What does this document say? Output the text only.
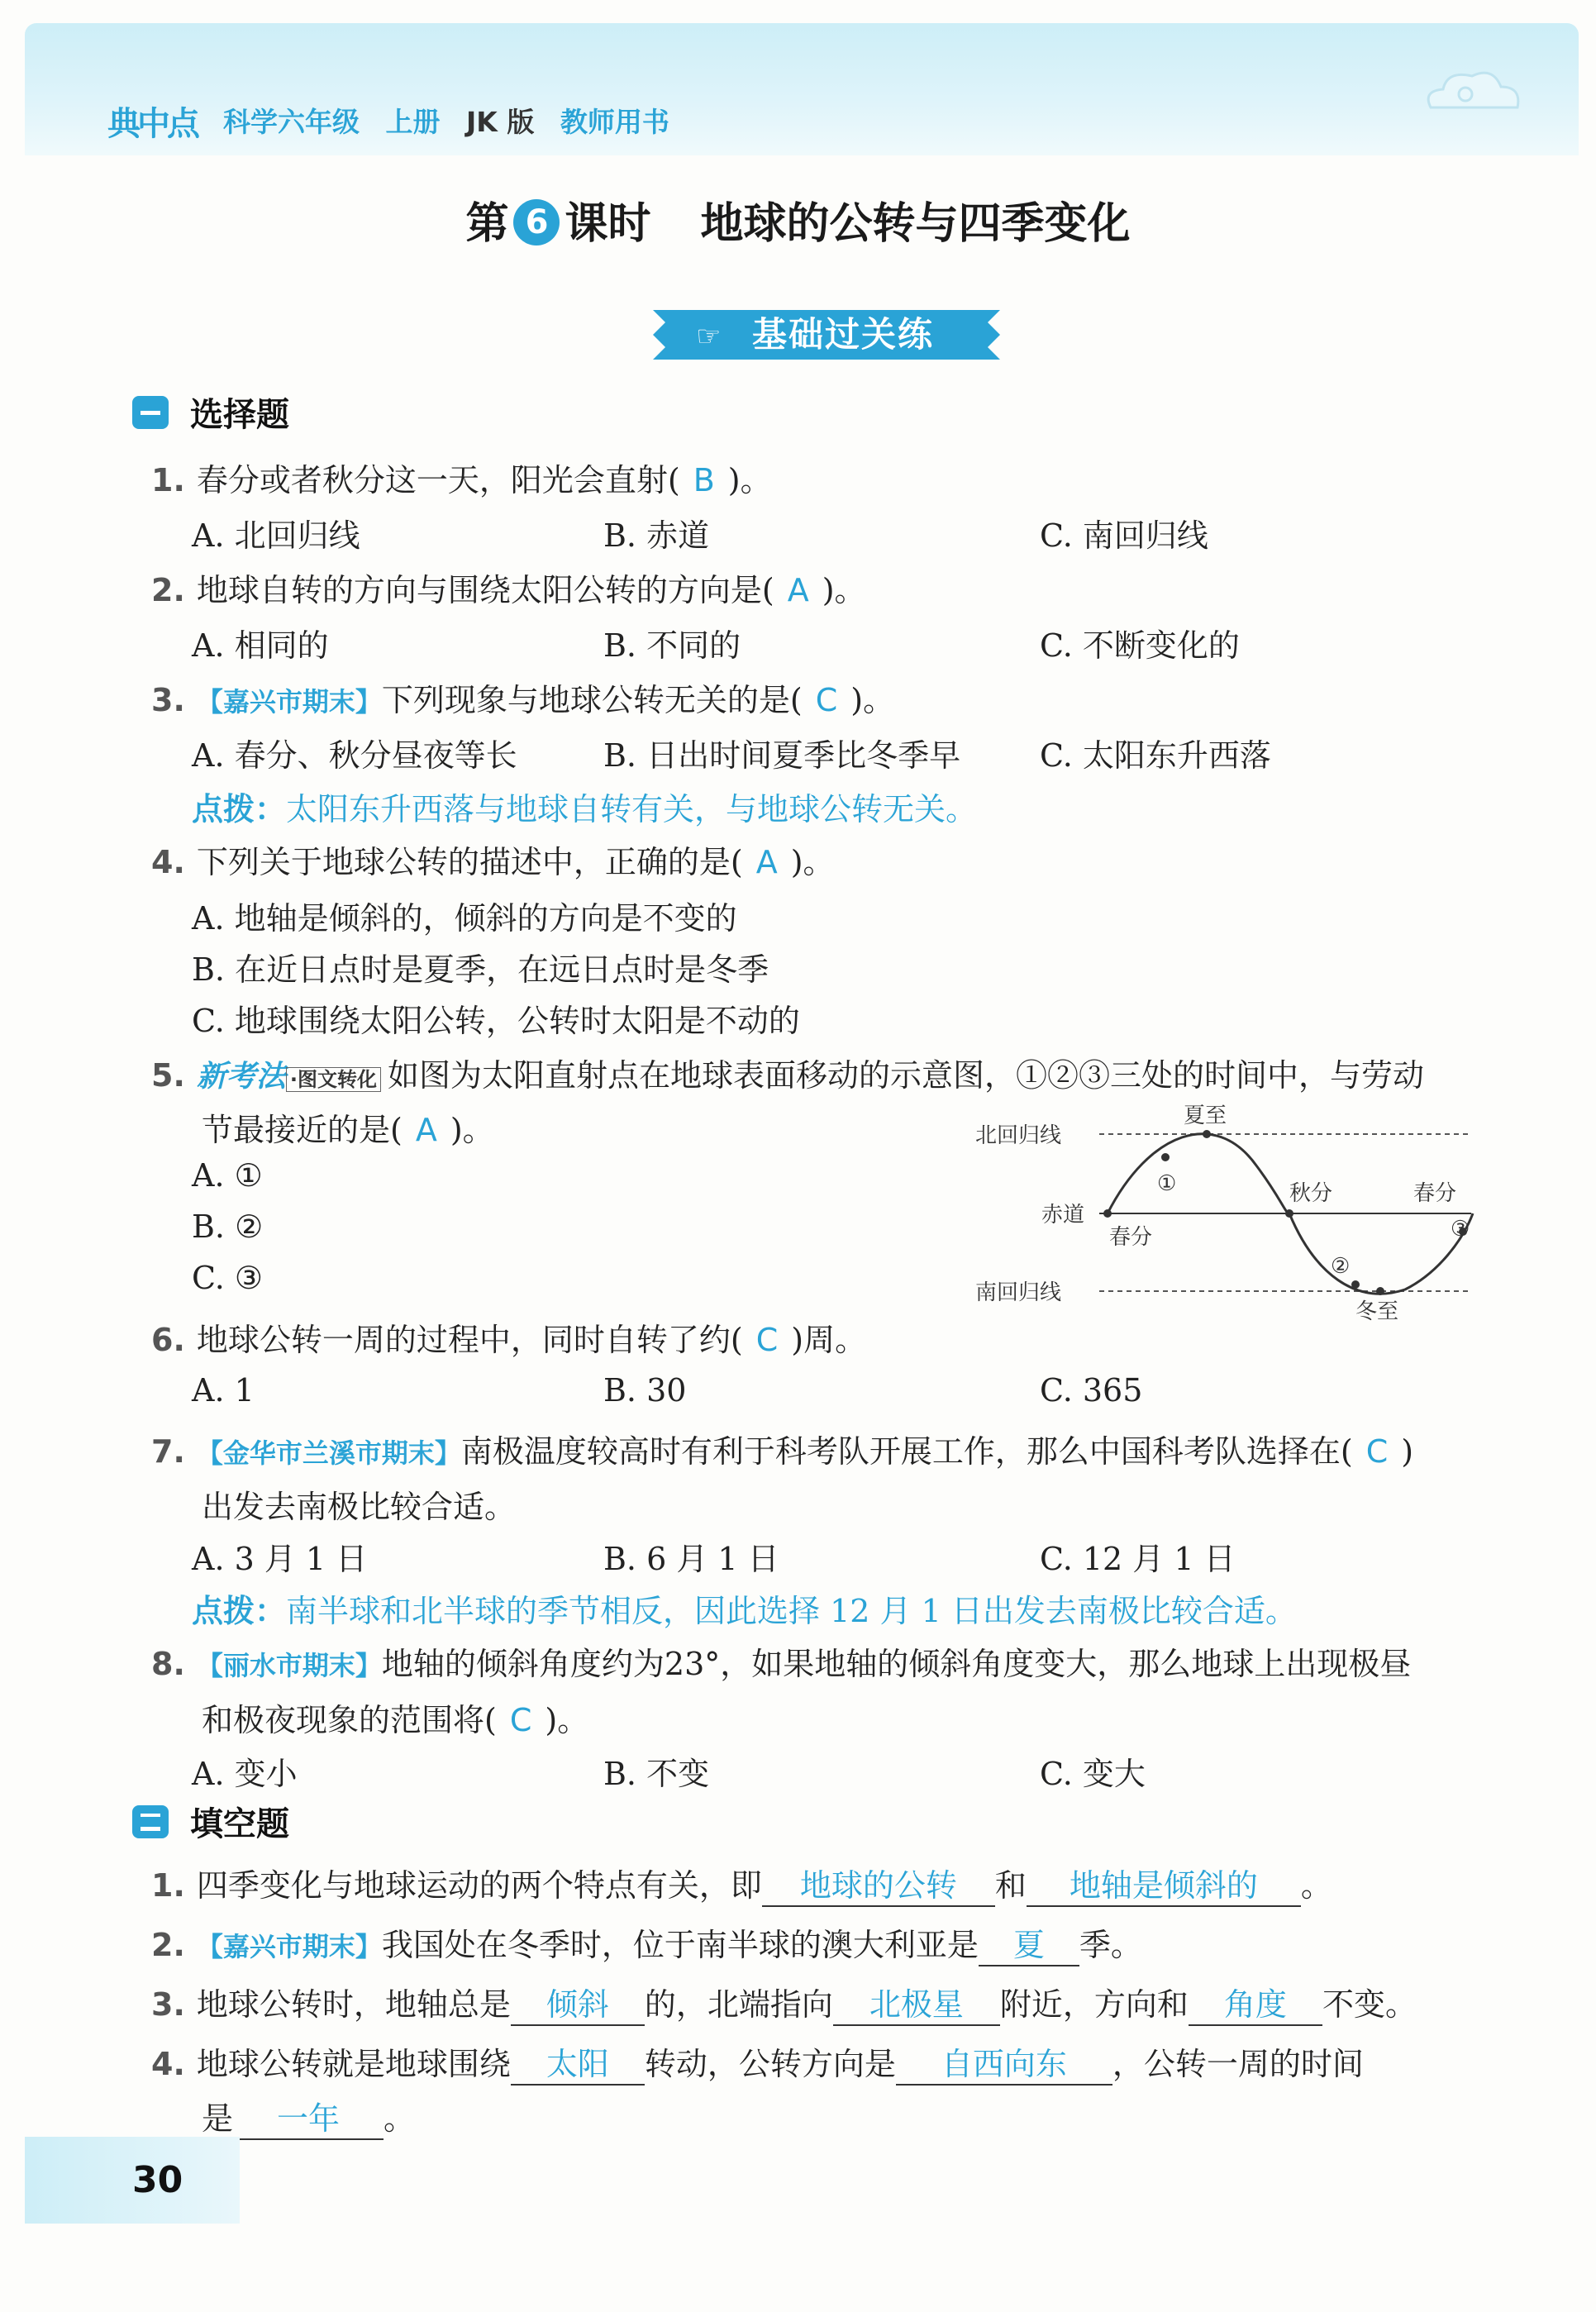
典中点 科学六年级 上册 JK 版 教师用书
第 6 课时 地球的公转与四季变化
☞ 基础过关练
选择题
1. 春分或者秋分这一天，阳光会直射( B )。
A. 北回归线	B. 赤道	C. 南回归线
2. 地球自转的方向与围绕太阳公转的方向是( A )。
A. 相同的	B. 不同的	C. 不断变化的
3. 【嘉兴市期末】下列现象与地球公转无关的是( C )。
A. 春分、秋分昼夜等长	B. 日出时间夏季比冬季早	C. 太阳东升西落
点拨：太阳东升西落与地球自转有关，与地球公转无关。
4. 下列关于地球公转的描述中，正确的是( A )。
A. 地轴是倾斜的，倾斜的方向是不变的
B. 在近日点时是夏季，在远日点时是冬季
C. 地球围绕太阳公转，公转时太阳是不动的
5. 新考法 ·图文转化 如图为太阳直射点在地球表面移动的示意图，①②③三处的时间中，与劳动
节最接近的是( A )。
A. ①
B. ②
C. ③
北回归线
赤道
南回归线
夏至
秋分	春分
春分
冬至
①
②
③
6. 地球公转一周的过程中，同时自转了约( C )周。
A. 1	B. 30	C. 365
7. 【金华市兰溪市期末】南极温度较高时有利于科考队开展工作，那么中国科考队选择在( C )
出发去南极比较合适。
A. 3 月 1 日	B. 6 月 1 日	C. 12 月 1 日
点拨：南半球和北半球的季节相反，因此选择 12 月 1 日出发去南极比较合适。
8. 【丽水市期末】地轴的倾斜角度约为23°，如果地轴的倾斜角度变大，那么地球上出现极昼
和极夜现象的范围将( C )。
A. 变小	B. 不变	C. 变大
填空题
1. 四季变化与地球运动的两个特点有关，即 地球的公转 和 地轴是倾斜的 。
2. 【嘉兴市期末】我国处在冬季时，位于南半球的澳大利亚是 夏 季。
3. 地球公转时，地轴总是 倾斜 的，北端指向 北极星 附近，方向和 角度 不变。
4. 地球公转就是地球围绕 太阳 转动，公转方向是 自西向东 ，公转一周的时间
是 一年 。
30
